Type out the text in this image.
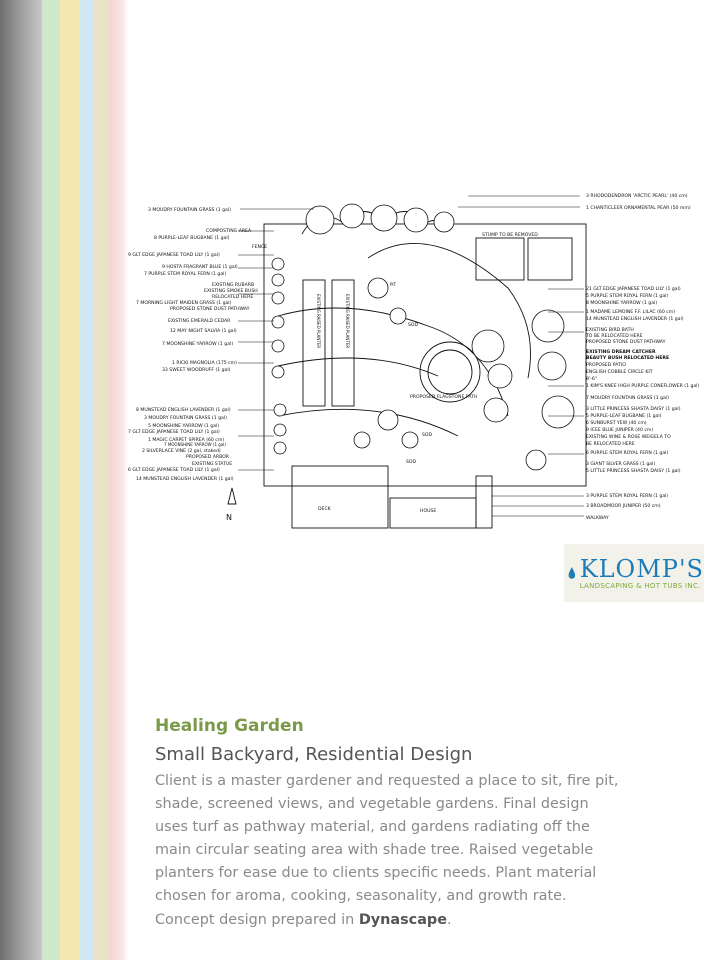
3 MOUDRY FOUNTAIN GRASS (1 gal)
COMPOSTING AREA
8 PURPLE-LEAF BUGBANE (1 gal)
FENCE
9 GLT EDGE JAPANESE TOAD LILY (1 gal)
9 HOSTA FRAGRANT BLUE (1 gal)
7 PURPLE STEM ROYAL FERN (1 gal)
EXISTING RUBARB
EXISTING SMOKE BUSH
RELOCATED HERE
7 MORNING LIGHT MAIDEN GRASS (1 gal)
PROPOSED STONE DUST PATHWAY
EXISTING EMERALD CEDAR
12 MAY NIGHT SALVIA (1 gal)
7 MOONSHINE YARROW (1 gal)
1 RICKI MAGNOLIA (175 cm)
33 SWEET WOODRUFF (1 gal)
8 MUNSTEAD ENGLISH LAVENDER (1 gal)
3 MOUDRY FOUNTAIN GRASS (1 gal)
5 MOONSHINE YARROW (1 gal)
7 GLT EDGE JAPANESE TOAD LILY (1 gal)
1 MAGIC CARPET SPIREA (60 cm)
7 MOONSHINE YARROW (1 gal)
2 SILVERLACE VINE (2 gal, staked)
PROPOSED ARBOR
EXISTING STATUE
6 GLT EDGE JAPANESE TOAD LILY (1 gal)
14 MUNSTEAD ENGLISH LAVENDER (1 gal)
3 RHODODENDRON 'ARCTIC PEARL' (40 cm)
1 CHANTICLEER ORNAMENTAL PEAR (50 mm)
21 GLT EDGE JAPANESE TOAD LILY (1 gal)
5 PURPLE STEM ROYAL FERN (1 gal)
8 MOONSHINE YARROW (1 gal)
1 MADAME LEMOINE F.F. LILAC (60 cm)
14 MUNSTEAD ENGLISH LAVENDER (1 gal)
EXISTING BIRD BATH
TO BE RELOCATED HERE
PROPOSED STONE DUST PATHWAY
EXISTING DREAM CATCHER
BEAUTY BUSH RELOCATED HERE
PROPOSED PATIO
ENGLISH COBBLE CIRCLE KIT
8'-6"
1 KIM'S KNEE HIGH PURPLE CONEFLOWER (1 gal)
7 MOUDRY FOUNTAIN GRASS (1 gal)
3 LITTLE PRINCESS SHASTA DAISY (1 gal)
5 PURPLE-LEAF BUGBANE (1 gal)
6 SUNBURST YEW (40 cm)
9 ICEE BLUE JUNIPER (40 cm)
EXISTING WINE & ROSE WEIGELA TO
BE RELOCATED HERE
6 PURPLE STEM ROYAL FERN (1 gal)
3 GIANT SILVER GRASS (1 gal)
5 LITTLE PRINCESS SHASTA DAISY (1 gal)
3 PURPLE STEM ROYAL FERN (1 gal)
3 BROADMOOR JUNIPER (50 cm)
WALKWAY
STUMP TO BE REMOVED
EXISTING RAISED PLANTER	EXISTING RAISED PLANTER	SOD
SOD
SOD
PROPOSED FLAGSTONE PATH
DECK	HOUSE
PIT
N
KLOMP'S
LANDSCAPING & HOT TUBS INC.
Healing Garden
Small Backyard, Residential Design

Client is a master gardener and requested a place to sit, fire pit, shade, screened views, and vegetable gardens. Final design uses turf as pathway material, and gardens radiating off the main circular seating area with shade tree. Raised vegetable planters for ease due to clients specific needs. Plant material chosen for aroma, cooking, seasonality, and growth rate. Concept design prepared in Dynascape.
